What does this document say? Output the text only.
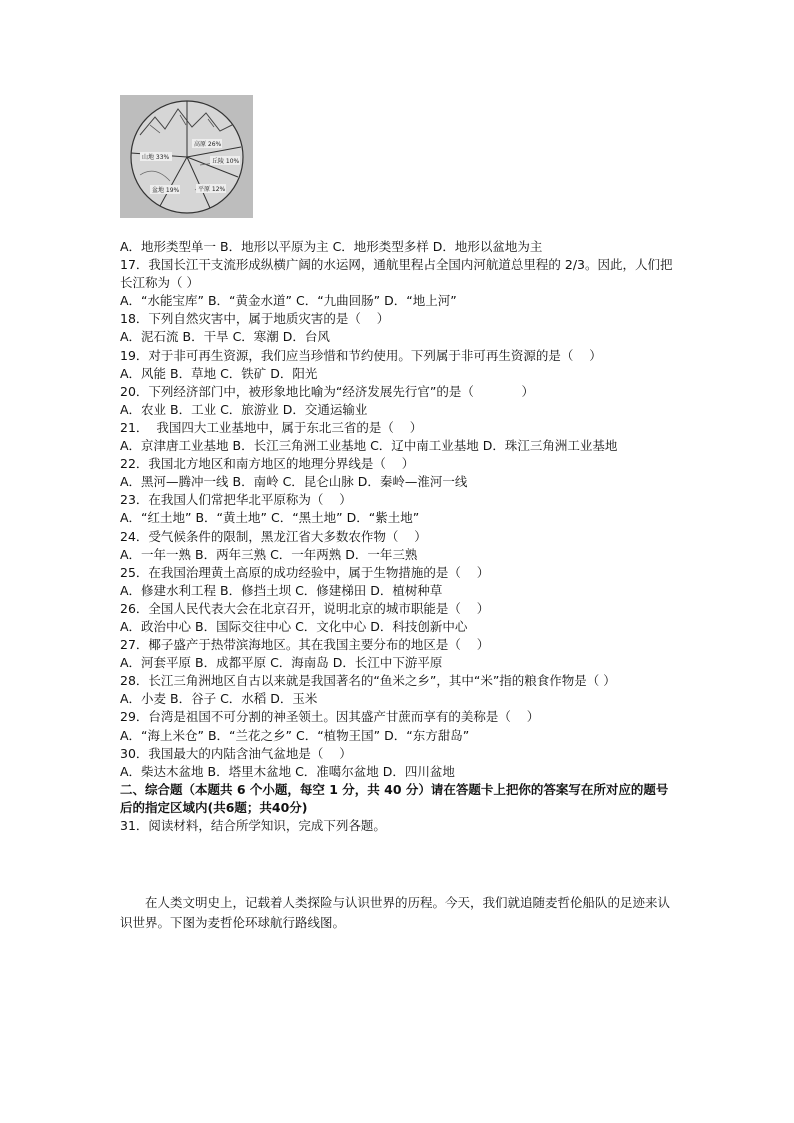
高原 26%
丘陵 10%
山地 33%
盆地 19%	平原 12%
A．地形类型单一 B．地形以平原为主 C．地形类型多样 D．地形以盆地为主
17．我国长江干支流形成纵横广阔的水运网，通航里程占全国内河航道总里程的 2/3。因此，人们把长江称为（ ）
A．“水能宝库” B．“黄金水道” C．“九曲回肠” D．“地上河”
18．下列自然灾害中，属于地质灾害的是（    ）
A．泥石流 B．干旱 C．寒潮 D．台风
19．对于非可再生资源，我们应当珍惜和节约使用。下列属于非可再生资源的是（    ）
A．风能 B．草地 C．铁矿 D．阳光
20．下列经济部门中，被形象地比喻为“经济发展先行官”的是（            ）
A．农业 B．工业 C．旅游业 D．交通运输业
21．  我国四大工业基地中，属于东北三省的是（    ）
A．京津唐工业基地 B．长江三角洲工业基地 C．辽中南工业基地 D．珠江三角洲工业基地
22．我国北方地区和南方地区的地理分界线是（    ）
A．黑河—腾冲一线 B．南岭 C．昆仑山脉 D．秦岭—淮河一线
23．在我国人们常把华北平原称为（    ）
A．“红土地” B．“黄土地” C．“黑土地” D．“紫土地”
24．受气候条件的限制，黑龙江省大多数农作物（    ）
A．一年一熟 B．两年三熟 C．一年两熟 D．一年三熟
25．在我国治理黄土高原的成功经验中，属于生物措施的是（    ）
A．修建水利工程 B．修挡土坝 C．修建梯田 D．植树种草
26．全国人民代表大会在北京召开，说明北京的城市职能是（    ）
A．政治中心 B．国际交往中心 C．文化中心 D．科技创新中心
27．椰子盛产于热带滨海地区。其在我国主要分布的地区是（    ）
A．河套平原 B．成都平原 C．海南岛 D．长江中下游平原
28．长江三角洲地区自古以来就是我国著名的“鱼米之乡”，其中“米”指的粮食作物是（ ）
A．小麦 B．谷子 C．水稻 D．玉米
29．台湾是祖国不可分割的神圣领土。因其盛产甘蔗而享有的美称是（    ）
A．“海上米仓” B．“兰花之乡” C．“植物王国” D．“东方甜岛”
30．我国最大的内陆含油气盆地是（    ）
A．柴达木盆地 B．塔里木盆地 C．准噶尔盆地 D．四川盆地
二、综合题（本题共 6 个小题，每空 1 分，共 40 分）请在答题卡上把你的答案写在所对应的题号后的指定区域内(共6题；共40分)
31．阅读材料，结合所学知识，完成下列各题。
在人类文明史上，记载着人类探险与认识世界的历程。今天，我们就追随麦哲伦船队的足迹来认识世界。下图为麦哲伦环球航行路线图。
